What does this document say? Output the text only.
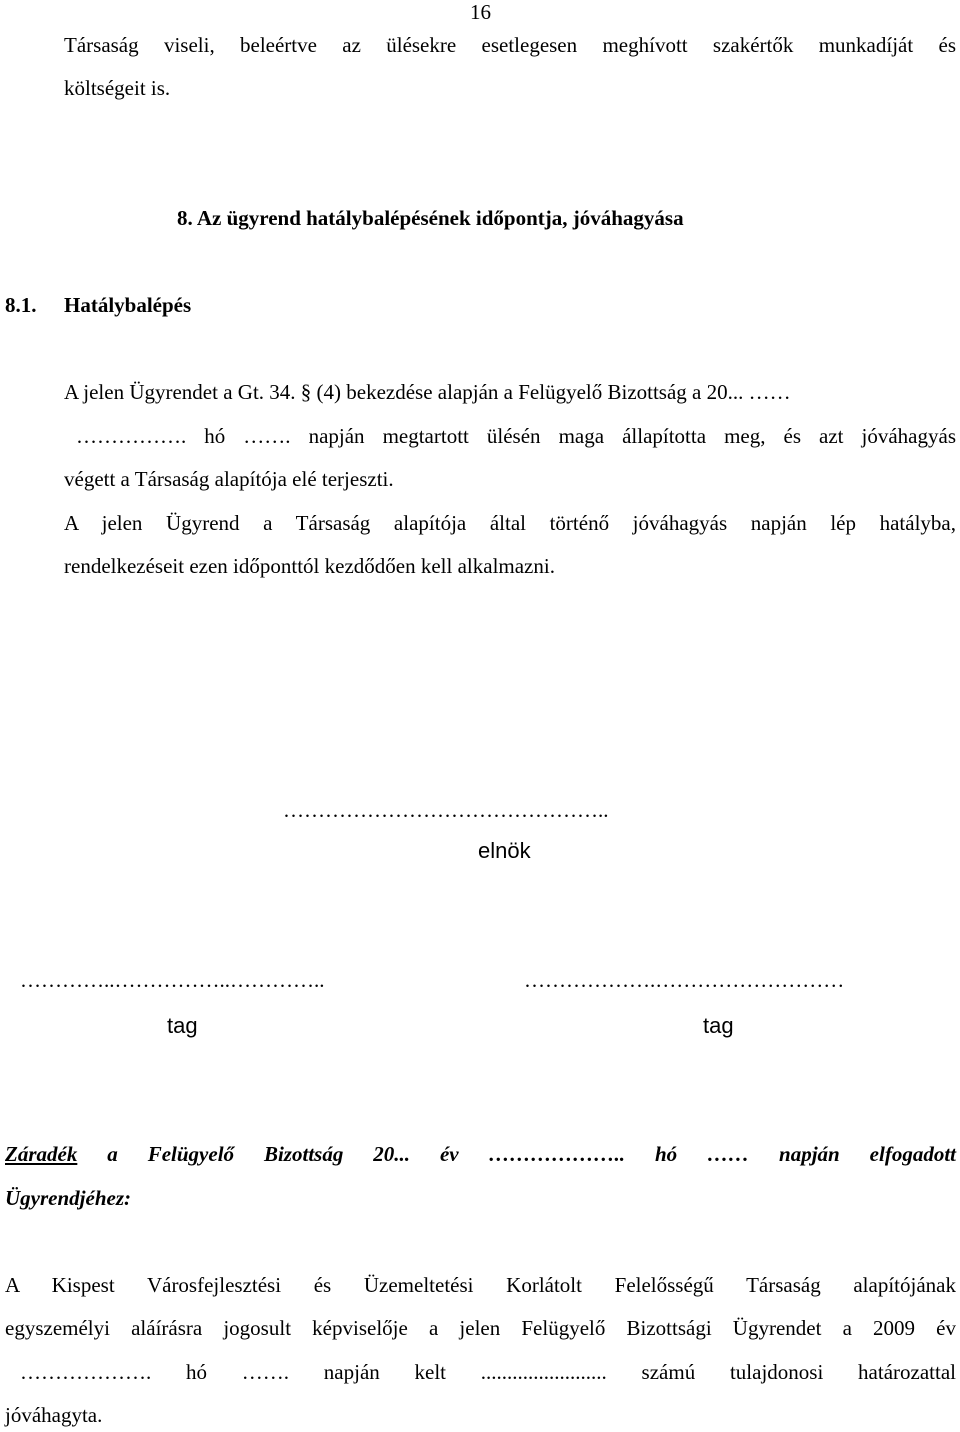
16
Társaság viseli, beleértve az ülésekre esetlegesen meghívott szakértők munkadíját és
költségeit is.
8. Az ügyrend hatálybalépésének időpontja, jóváhagyása
8.1. Hatálybalépés
A jelen Ügyrendet a Gt. 34. § (4) bekezdése alapján a Felügyelő Bizottság a 20... ……
……………. hó ……. napján megtartott ülésén maga állapította meg, és azt jóváhagyás
végett a Társaság alapítója elé terjeszti.
A jelen Ügyrend a Társaság alapítója által történő jóváhagyás napján lép hatályba,
rendelkezéseit ezen időponttól kezdődően kell alkalmazni.
………………………………………..
elnök
…………..……………..…………..
tag
……………….………………………
tag
Záradék a Felügyelő Bizottság 20... év ……………….. hó …… napján elfogadott
Ügyrendjéhez:
A Kispest Városfejlesztési és Üzemeltetési Korlátolt Felelősségű Társaság alapítójának
egyszemélyi aláírásra jogosult képviselője a jelen Felügyelő Bizottsági Ügyrendet a 2009 év
………………. hó ……. napján kelt ........................ számú tulajdonosi határozattal
jóváhagyta.
